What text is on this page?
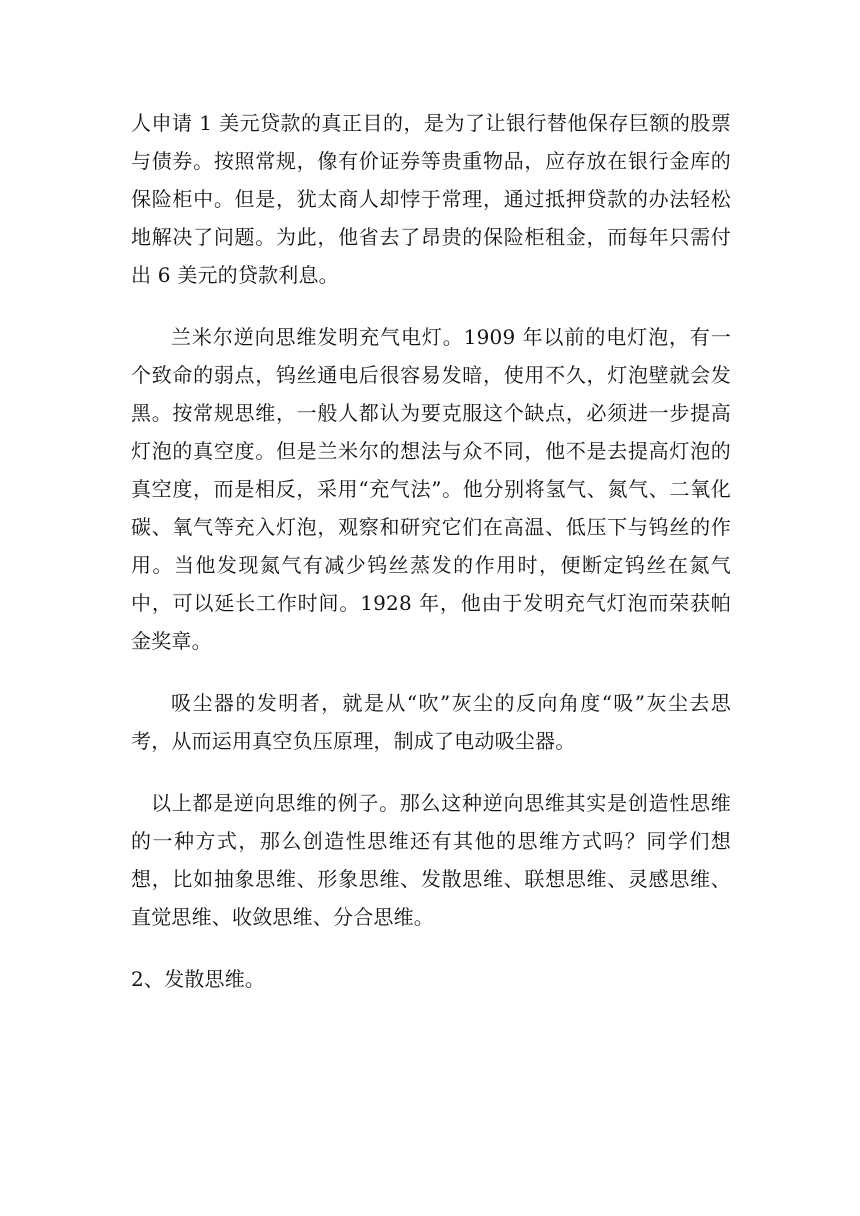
人申请 1 美元贷款的真正目的，是为了让银行替他保存巨额的股票与债券。按照常规，像有价证券等贵重物品，应存放在银行金库的保险柜中。但是，犹太商人却悖于常理，通过抵押贷款的办法轻松地解决了问题。为此，他省去了昂贵的保险柜租金，而每年只需付出 6 美元的贷款利息。

兰米尔逆向思维发明充气电灯。1909 年以前的电灯泡，有一个致命的弱点，钨丝通电后很容易发暗，使用不久，灯泡壁就会发黑。按常规思维，一般人都认为要克服这个缺点，必须进一步提高灯泡的真空度。但是兰米尔的想法与众不同，他不是去提高灯泡的真空度，而是相反，采用“充气法”。他分别将氢气、氮气、二氧化碳、氧气等充入灯泡，观察和研究它们在高温、低压下与钨丝的作用。当他发现氮气有减少钨丝蒸发的作用时，便断定钨丝在氮气中，可以延长工作时间。1928 年，他由于发明充气灯泡而荣获帕金奖章。

吸尘器的发明者，就是从“吹”灰尘的反向角度“吸”灰尘去思考，从而运用真空负压原理，制成了电动吸尘器。

以上都是逆向思维的例子。那么这种逆向思维其实是创造性思维的一种方式，那么创造性思维还有其他的思维方式吗？同学们想想，比如抽象思维、形象思维、发散思维、联想思维、灵感思维、直觉思维、收敛思维、分合思维。

2、发散思维。
